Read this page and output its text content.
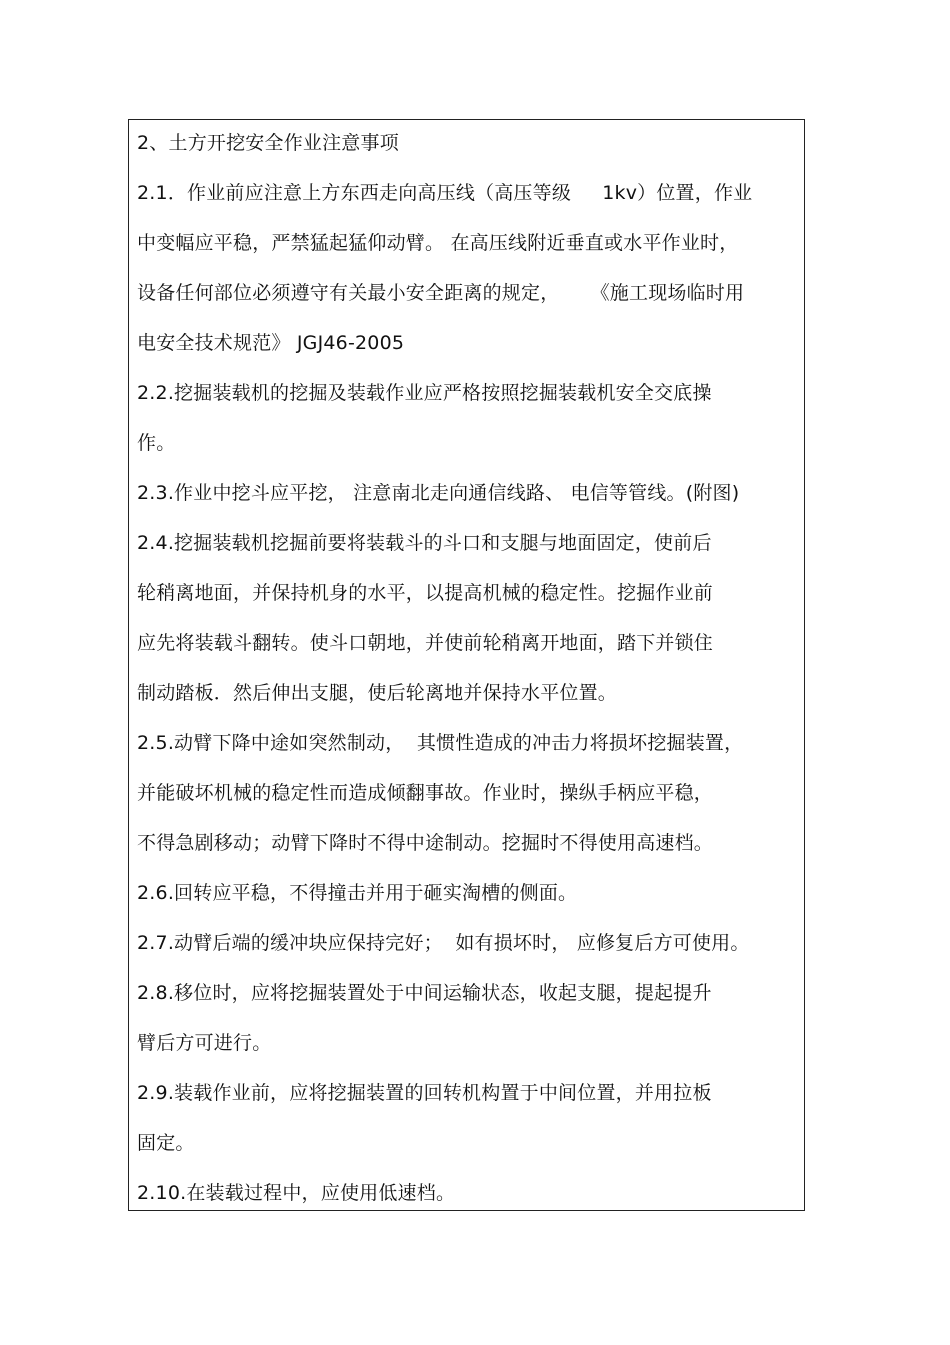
2、土方开挖安全作业注意事项
2.1．作业前应注意上方东西走向高压线（高压等级     1kv）位置，作业
中变幅应平稳，严禁猛起猛仰动臂。 在高压线附近垂直或水平作业时，
设备任何部位必须遵守有关最小安全距离的规定，     《施工现场临时用
电安全技术规范》 JGJ46-2005
2.2.挖掘装载机的挖掘及装载作业应严格按照挖掘装载机安全交底操
作。
2.3.作业中挖斗应平挖， 注意南北走向通信线路、 电信等管线。(附图)
2.4.挖掘装载机挖掘前要将装载斗的斗口和支腿与地面固定，使前后
轮稍离地面，并保持机身的水平，以提高机械的稳定性。挖掘作业前
应先将装载斗翻转。使斗口朝地，并使前轮稍离开地面，踏下并锁住
制动踏板．然后伸出支腿，使后轮离地并保持水平位置。
2.5.动臂下降中途如突然制动，  其惯性造成的冲击力将损坏挖掘装置，
并能破坏机械的稳定性而造成倾翻事故。作业时，操纵手柄应平稳，
不得急剧移动；动臂下降时不得中途制动。挖掘时不得使用高速档。
2.6.回转应平稳，不得撞击并用于砸实淘槽的侧面。
2.7.动臂后端的缓冲块应保持完好；  如有损坏时， 应修复后方可使用。
2.8.移位时，应将挖掘装置处于中间运输状态，收起支腿，提起提升
臂后方可进行。
2.9.装载作业前，应将挖掘装置的回转机构置于中间位置，并用拉板
固定。
2.10.在装载过程中，应使用低速档。
